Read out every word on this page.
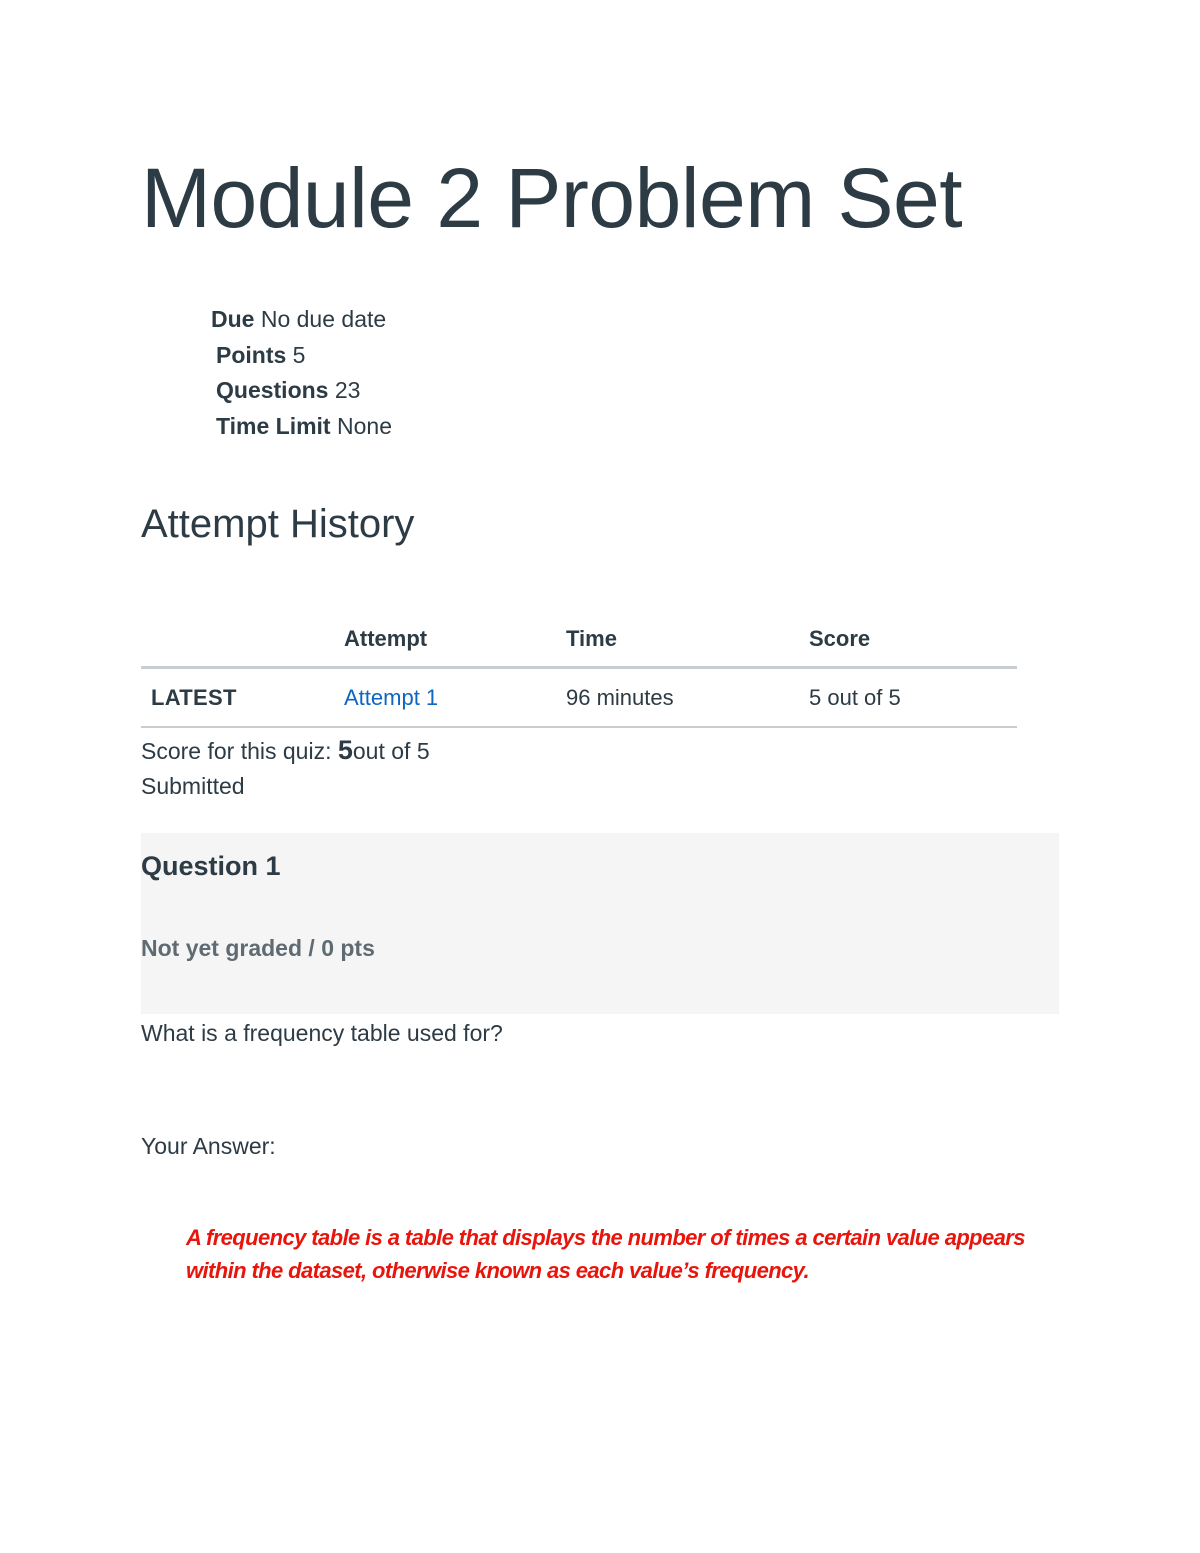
Module 2 Problem Set
Due No due date
Points 5
Questions 23
Time Limit None
Attempt History
	Attempt	Time	Score
LATEST	Attempt 1	96 minutes	5 out of 5
Score for this quiz: 5out of 5
Submitted
Question 1
Not yet graded / 0 pts
What is a frequency table used for?
Your Answer:
A frequency table is a table that displays the number of times a certain value appears within the dataset, otherwise known as each value’s frequency.
